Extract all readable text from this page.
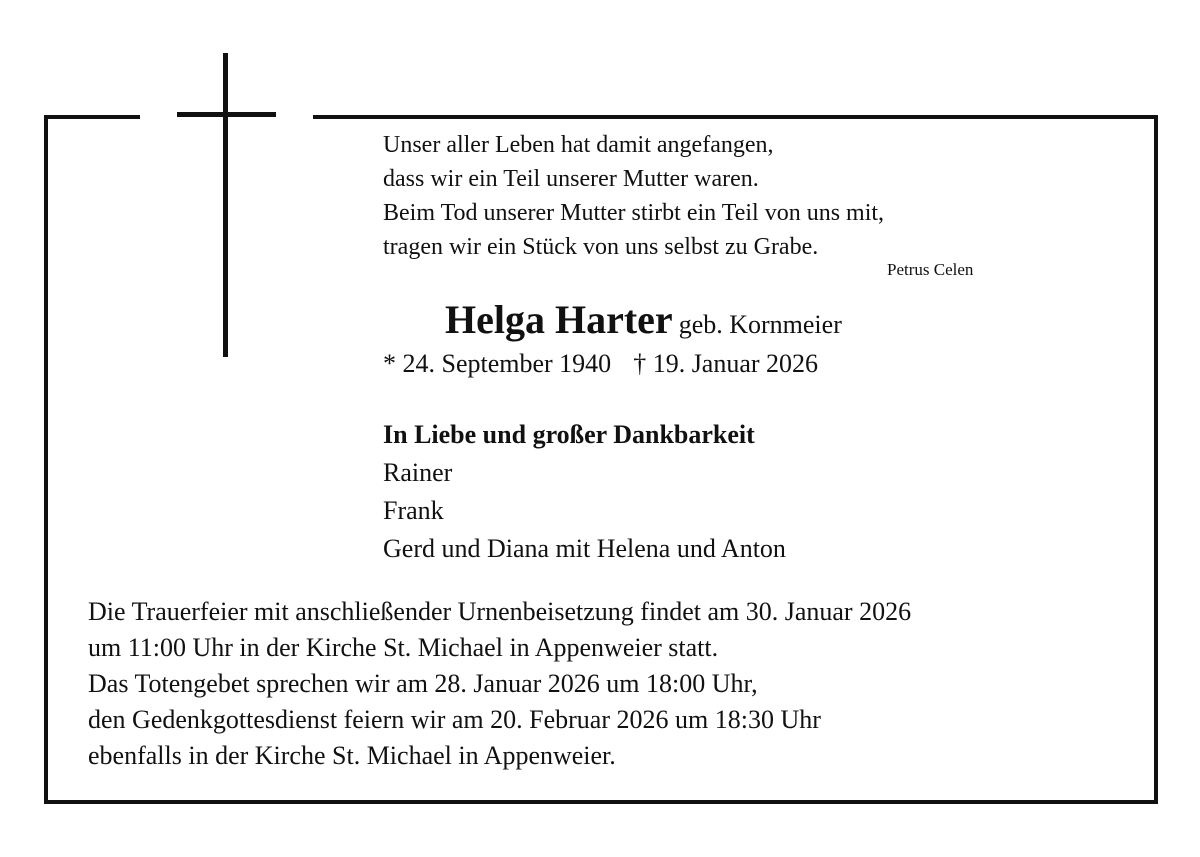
Unser aller Leben hat damit angefangen,
dass wir ein Teil unserer Mutter waren.
Beim Tod unserer Mutter stirbt ein Teil von uns mit,
tragen wir ein Stück von uns selbst zu Grabe.
Petrus Celen
Helga Harter geb. Kornmeier
* 24. September 1940 † 19. Januar 2026
In Liebe und großer Dankbarkeit
Rainer
Frank
Gerd und Diana mit Helena und Anton
Die Trauerfeier mit anschließender Urnenbeisetzung findet am 30. Januar 2026
um 11:00 Uhr in der Kirche St. Michael in Appenweier statt.
Das Totengebet sprechen wir am 28. Januar 2026 um 18:00 Uhr,
den Gedenkgottesdienst feiern wir am 20. Februar 2026 um 18:30 Uhr
ebenfalls in der Kirche St. Michael in Appenweier.
